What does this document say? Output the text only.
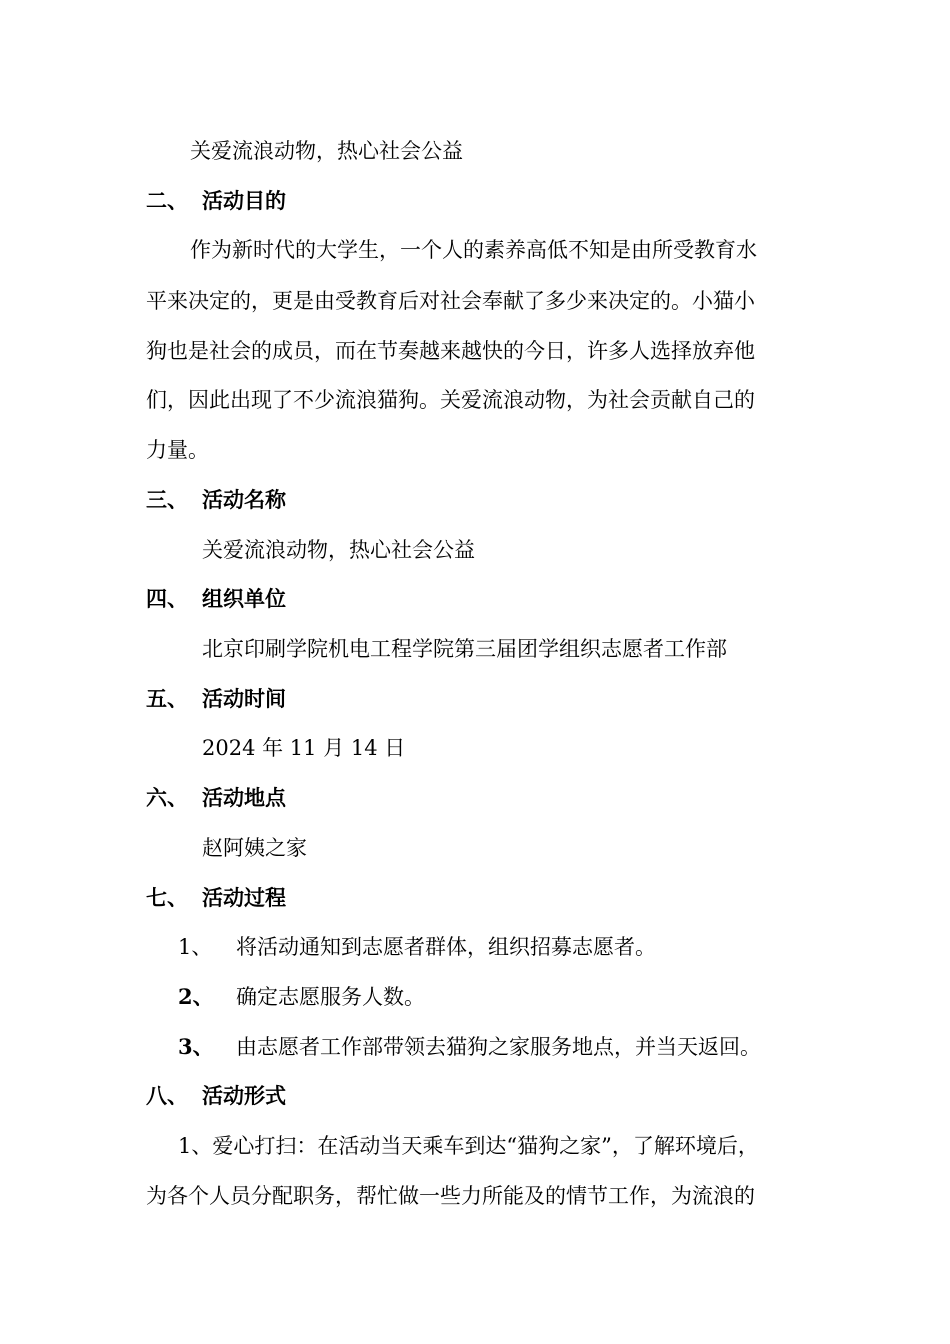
关爱流浪动物，热心社会公益
二、 活动目的
作为新时代的大学生，一个人的素养高低不知是由所受教育水
平来决定的，更是由受教育后对社会奉献了多少来决定的。小猫小
狗也是社会的成员，而在节奏越来越快的今日，许多人选择放弃他
们，因此出现了不少流浪猫狗。关爱流浪动物，为社会贡献自己的
力量。
三、 活动名称
关爱流浪动物，热心社会公益
四、 组织单位
北京印刷学院机电工程学院第三届团学组织志愿者工作部
五、 活动时间
2024 年 11 月 14 日
六、 活动地点
赵阿姨之家
七、 活动过程
1、 将活动通知到志愿者群体，组织招募志愿者。
2、 确定志愿服务人数。
3、 由志愿者工作部带领去猫狗之家服务地点，并当天返回。
八、 活动形式
1、爱心打扫：在活动当天乘车到达“猫狗之家”，了解环境后，
为各个人员分配职务，帮忙做一些力所能及的情节工作，为流浪的
